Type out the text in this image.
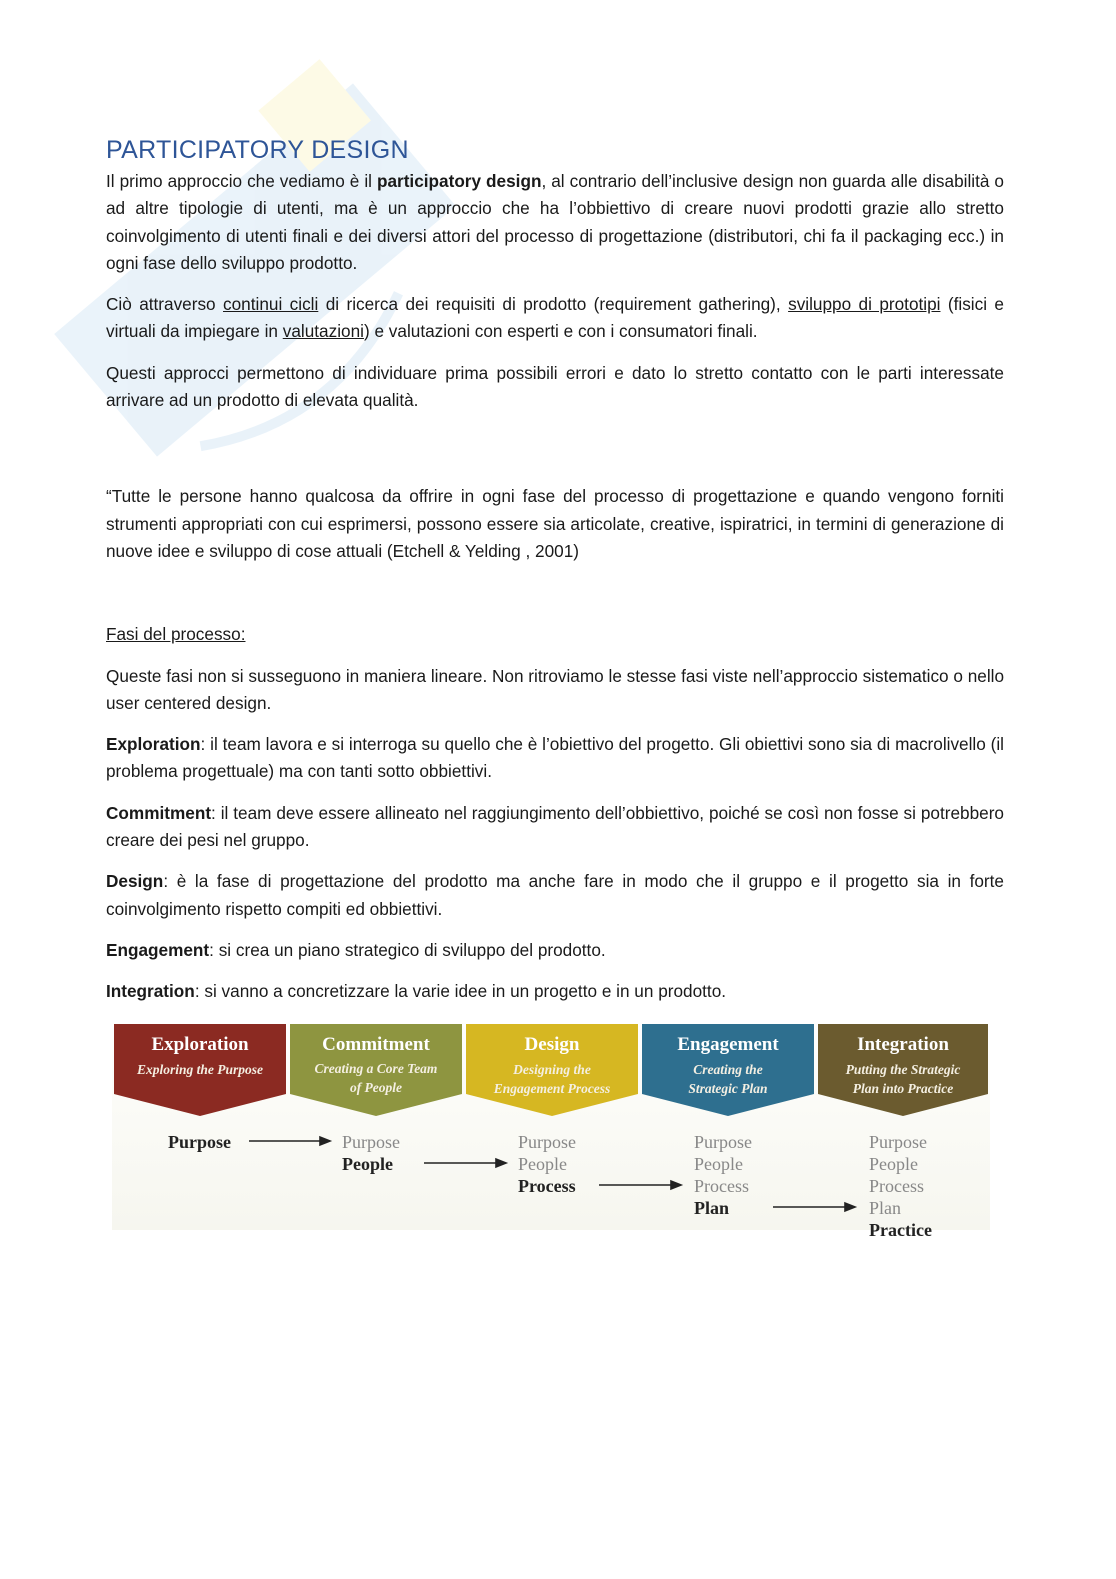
PARTICIPATORY DESIGN

Il primo approccio che vediamo è il participatory design, al contrario dell’inclusive design non guarda alle disabilità o ad altre tipologie di utenti, ma è un approccio che ha l’obbiettivo di creare nuovi prodotti grazie allo stretto coinvolgimento di utenti finali e dei diversi attori del processo di progettazione (distributori, chi fa il packaging ecc.) in ogni fase dello sviluppo prodotto.

Ciò attraverso continui cicli di ricerca dei requisiti di prodotto (requirement gathering), sviluppo di prototipi (fisici e virtuali da impiegare in valutazioni) e valutazioni con esperti e con i consumatori finali.

Questi approcci permettono di individuare prima possibili errori e dato lo stretto contatto con le parti interessate arrivare ad un prodotto di elevata qualità.

“Tutte le persone hanno qualcosa da offrire in ogni fase del processo di progettazione e quando vengono forniti strumenti appropriati con cui esprimersi, possono essere sia articolate, creative, ispiratrici, in termini di generazione di nuove idee e sviluppo di cose attuali (Etchell & Yelding , 2001)

Fasi del processo:

Queste fasi non si susseguono in maniera lineare. Non ritroviamo le stesse fasi viste nell’approccio sistematico o nello user centered design.

Exploration: il team lavora e si interroga su quello che è l’obiettivo del progetto. Gli obiettivi sono sia di macrolivello (il problema progettuale) ma con tanti sotto obbiettivi.

Commitment: il team deve essere allineato nel raggiungimento dell’obbiettivo, poiché se così non fosse si potrebbero creare dei pesi nel gruppo.

Design: è la fase di progettazione del prodotto ma anche fare in modo che il gruppo e il progetto sia in forte coinvolgimento rispetto compiti ed obbiettivi.

Engagement: si crea un piano strategico di sviluppo del prodotto.

Integration: si vanno a concretizzare la varie idee in un progetto e in un prodotto.

Exploration
Exploring the Purpose
Commitment
Creating a Core Team
of People
Design
Designing the
Engagement Process
Engagement
Creating the
Strategic Plan
Integration
Putting the Strategic
Plan into Practice
Purpose	Purpose
People
Purpose
People
Process
Purpose
People
Process
Plan
Purpose
People
Process
Plan
Practice
